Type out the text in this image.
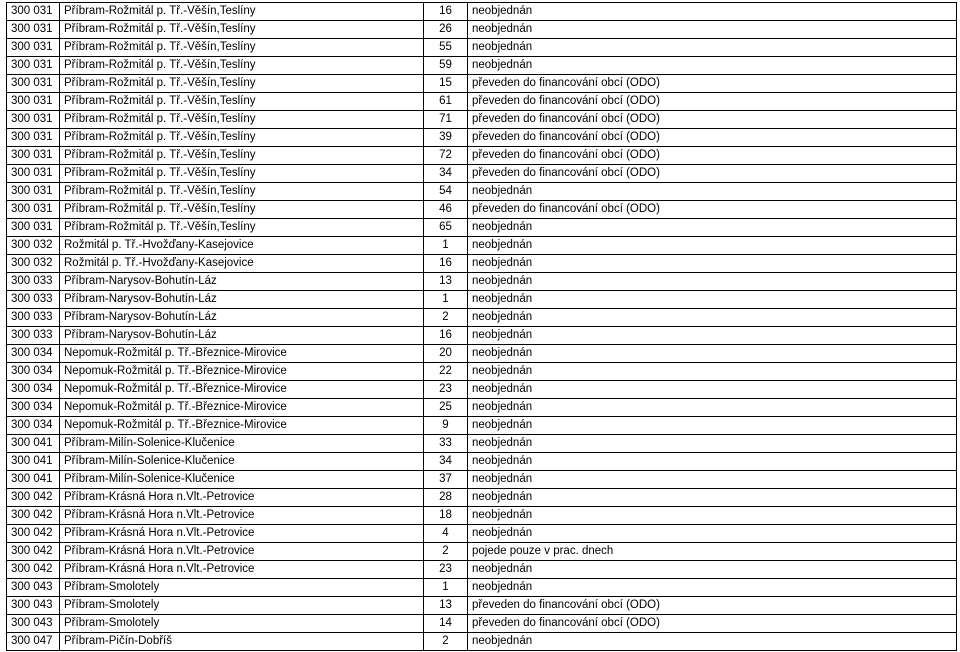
300 031	Příbram-Rožmitál p. Tř.-Věšín,Teslíny	16	neobjednán
300 031	Příbram-Rožmitál p. Tř.-Věšín,Teslíny	26	neobjednán
300 031	Příbram-Rožmitál p. Tř.-Věšín,Teslíny	55	neobjednán
300 031	Příbram-Rožmitál p. Tř.-Věšín,Teslíny	59	neobjednán
300 031	Příbram-Rožmitál p. Tř.-Věšín,Teslíny	15	převeden do financování obcí (ODO)
300 031	Příbram-Rožmitál p. Tř.-Věšín,Teslíny	61	převeden do financování obcí (ODO)
300 031	Příbram-Rožmitál p. Tř.-Věšín,Teslíny	71	převeden do financování obcí (ODO)
300 031	Příbram-Rožmitál p. Tř.-Věšín,Teslíny	39	převeden do financování obcí (ODO)
300 031	Příbram-Rožmitál p. Tř.-Věšín,Teslíny	72	převeden do financování obcí (ODO)
300 031	Příbram-Rožmitál p. Tř.-Věšín,Teslíny	34	převeden do financování obcí (ODO)
300 031	Příbram-Rožmitál p. Tř.-Věšín,Teslíny	54	neobjednán
300 031	Příbram-Rožmitál p. Tř.-Věšín,Teslíny	46	převeden do financování obcí (ODO)
300 031	Příbram-Rožmitál p. Tř.-Věšín,Teslíny	65	neobjednán
300 032	Rožmitál p. Tř.-Hvožďany-Kasejovice	1	neobjednán
300 032	Rožmitál p. Tř.-Hvožďany-Kasejovice	16	neobjednán
300 033	Příbram-Narysov-Bohutín-Láz	13	neobjednán
300 033	Příbram-Narysov-Bohutín-Láz	1	neobjednán
300 033	Příbram-Narysov-Bohutín-Láz	2	neobjednán
300 033	Příbram-Narysov-Bohutín-Láz	16	neobjednán
300 034	Nepomuk-Rožmitál p. Tř.-Březnice-Mirovice	20	neobjednán
300 034	Nepomuk-Rožmitál p. Tř.-Březnice-Mirovice	22	neobjednán
300 034	Nepomuk-Rožmitál p. Tř.-Březnice-Mirovice	23	neobjednán
300 034	Nepomuk-Rožmitál p. Tř.-Březnice-Mirovice	25	neobjednán
300 034	Nepomuk-Rožmitál p. Tř.-Březnice-Mirovice	9	neobjednán
300 041	Příbram-Milín-Solenice-Klučenice	33	neobjednán
300 041	Příbram-Milín-Solenice-Klučenice	34	neobjednán
300 041	Příbram-Milín-Solenice-Klučenice	37	neobjednán
300 042	Příbram-Krásná Hora n.Vlt.-Petrovice	28	neobjednán
300 042	Příbram-Krásná Hora n.Vlt.-Petrovice	18	neobjednán
300 042	Příbram-Krásná Hora n.Vlt.-Petrovice	4	neobjednán
300 042	Příbram-Krásná Hora n.Vlt.-Petrovice	2	pojede pouze v prac. dnech
300 042	Příbram-Krásná Hora n.Vlt.-Petrovice	23	neobjednán
300 043	Příbram-Smolotely	1	neobjednán
300 043	Příbram-Smolotely	13	převeden do financování obcí (ODO)
300 043	Příbram-Smolotely	14	převeden do financování obcí (ODO)
300 047	Příbram-Pičín-Dobříš	2	neobjednán
